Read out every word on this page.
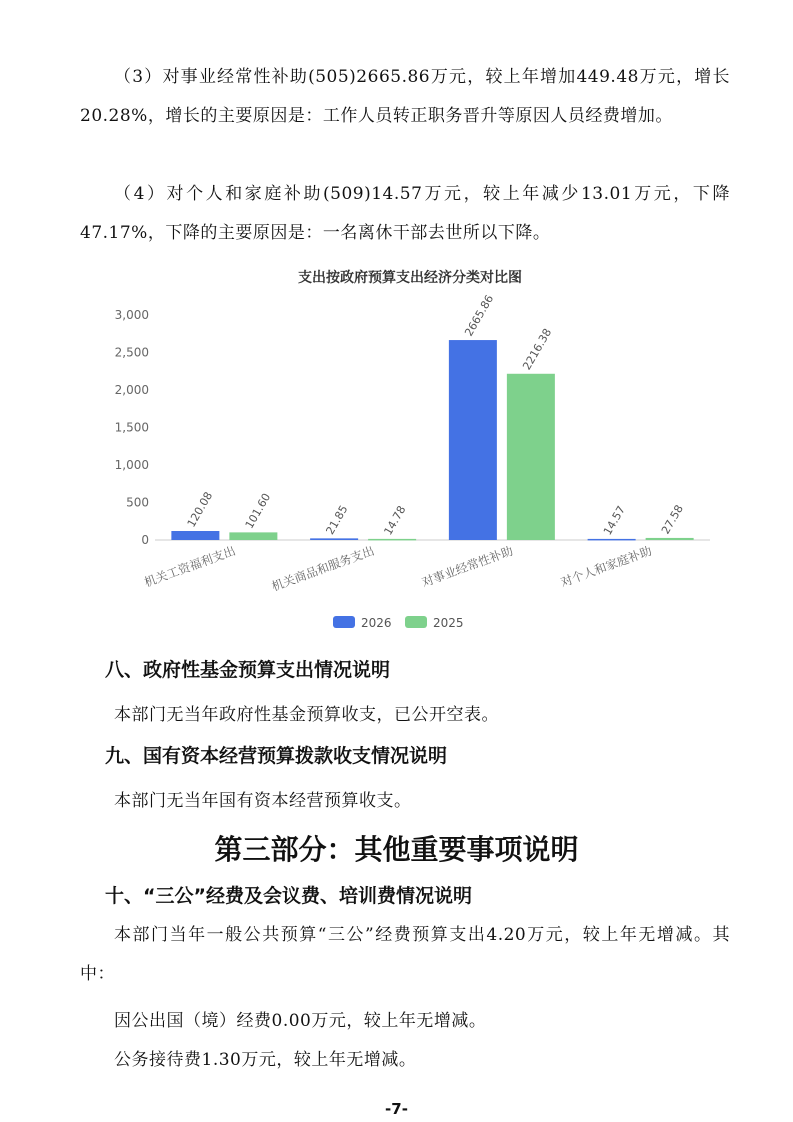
（3）对事业经常性补助(505)2665.86万元，较上年增加449.48万元，增长20.28%，增长的主要原因是：工作人员转正职务晋升等原因人员经费增加。

（4）对个人和家庭补助(509)14.57万元，较上年减少13.01万元，下降47.17%，下降的主要原因是：一名离休干部去世所以下降。

支出按政府预算支出经济分类对比图
0
500
1,000
1,500
2,000
2,500
3,000
120.08 101.60	21.85	14.78
2665.86
2216.38
14.57	27.58
机关工资福利支出	机关商品和服务支出	对事业经常性补助	对个人和家庭补助
2026	2025

八、政府性基金预算支出情况说明

本部门无当年政府性基金预算收支，已公开空表。

九、国有资本经营预算拨款收支情况说明

本部门无当年国有资本经营预算收支。

第三部分：其他重要事项说明

十、“三公”经费及会议费、培训费情况说明

本部门当年一般公共预算“三公”经费预算支出4.20万元，较上年无增减。其中：

因公出国（境）经费0.00万元，较上年无增减。

公务接待费1.30万元，较上年无增减。

-7-
